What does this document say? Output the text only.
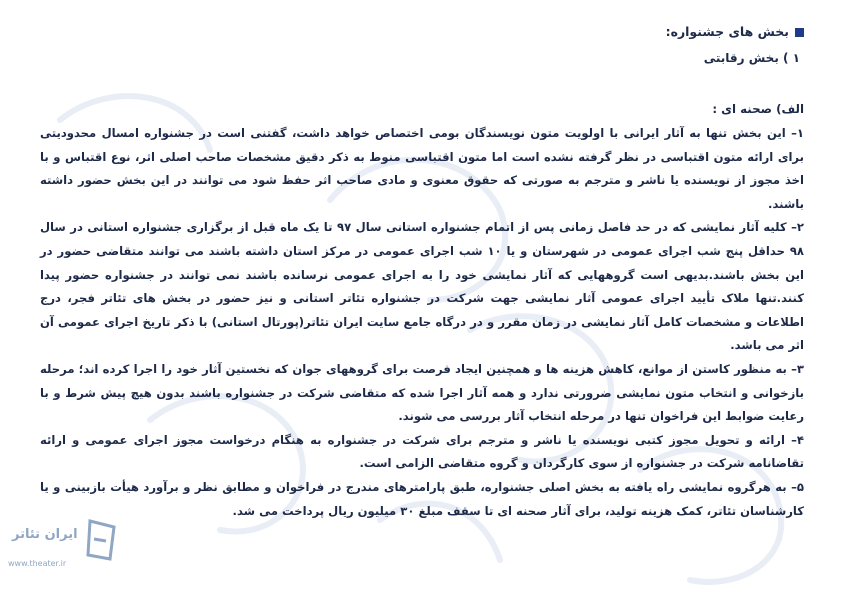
بخش های جشنواره:
۱ ) بخش رقابتی
الف) صحنه ای :

۱– این بخش تنها به آثار ایرانی با اولویت متون نویسندگان بومی اختصاص خواهد داشت، گفتنی است در جشنواره امسال محدودیتی برای ارائه متون اقتباسی در نظر گرفته نشده است اما متون اقتباسی منوط به ذکر دقیق مشخصات صاحب اصلی اثر، نوع اقتباس و با اخذ مجوز از نویسنده یا ناشر و مترجم به صورتی که حقوق معنوی و مادی صاحب اثر حفظ شود می توانند در این بخش حضور داشته باشند.

۲– کلیه آثار نمایشی که در حد فاصل زمانی پس از اتمام جشنواره استانی سال ۹۷ تا یک ماه قبل از برگزاری جشنواره استانی در سال ۹۸ حداقل پنج شب اجرای عمومی در شهرستان و یا ۱۰ شب اجرای عمومی در مرکز استان داشته باشند می توانند متقاضی حضور در این بخش باشند.بدیهی است گروههایی که آثار نمایشی خود را به اجرای عمومی نرسانده باشند نمی توانند در جشنواره حضور پیدا کنند.تنها ملاک تأیید اجرای عمومی آثار نمایشی جهت شرکت در جشنواره تئاتر استانی و نیز حضور در بخش های تئاتر فجر، درج اطلاعات و مشخصات کامل آثار نمایشی در زمان مقرر و در درگاه جامع سایت ایران تئاتر(پورتال استانی) با ذکر تاریخ اجرای عمومی آن اثر می باشد.

۳– به منظور کاستن از موانع، کاهش هزینه ها و همچنین ایجاد فرصت برای گروههای جوان که نخستین آثار خود را اجرا کرده اند؛ مرحله بازخوانی و انتخاب متون نمایشی ضرورتی ندارد و همه آثار اجرا شده که متقاضی شرکت در جشنواره باشند بدون هیچ پیش شرط و با رعایت ضوابط این فراخوان تنها در مرحله انتخاب آثار بررسی می شوند.

۴– ارائه و تحویل مجوز کتبی نویسنده یا ناشر و مترجم برای شرکت در جشنواره به هنگام درخواست مجوز اجرای عمومی و ارائه تقاضانامه شرکت در جشنواره از سوی کارگردان و گروه متقاضی الزامی است.

۵– به هرگروه نمایشی راه یافته به بخش اصلی جشنواره، طبق پارامترهای مندرج در فراخوان و مطابق نظر و برآورد هیأت بازبینی و یا کارشناسان تئاتر، کمک هزینه تولید، برای آثار صحنه ای تا سقف مبلغ ۳۰ میلیون ریال پرداخت می شد.

ایران تئاتر
www.theater.ir
